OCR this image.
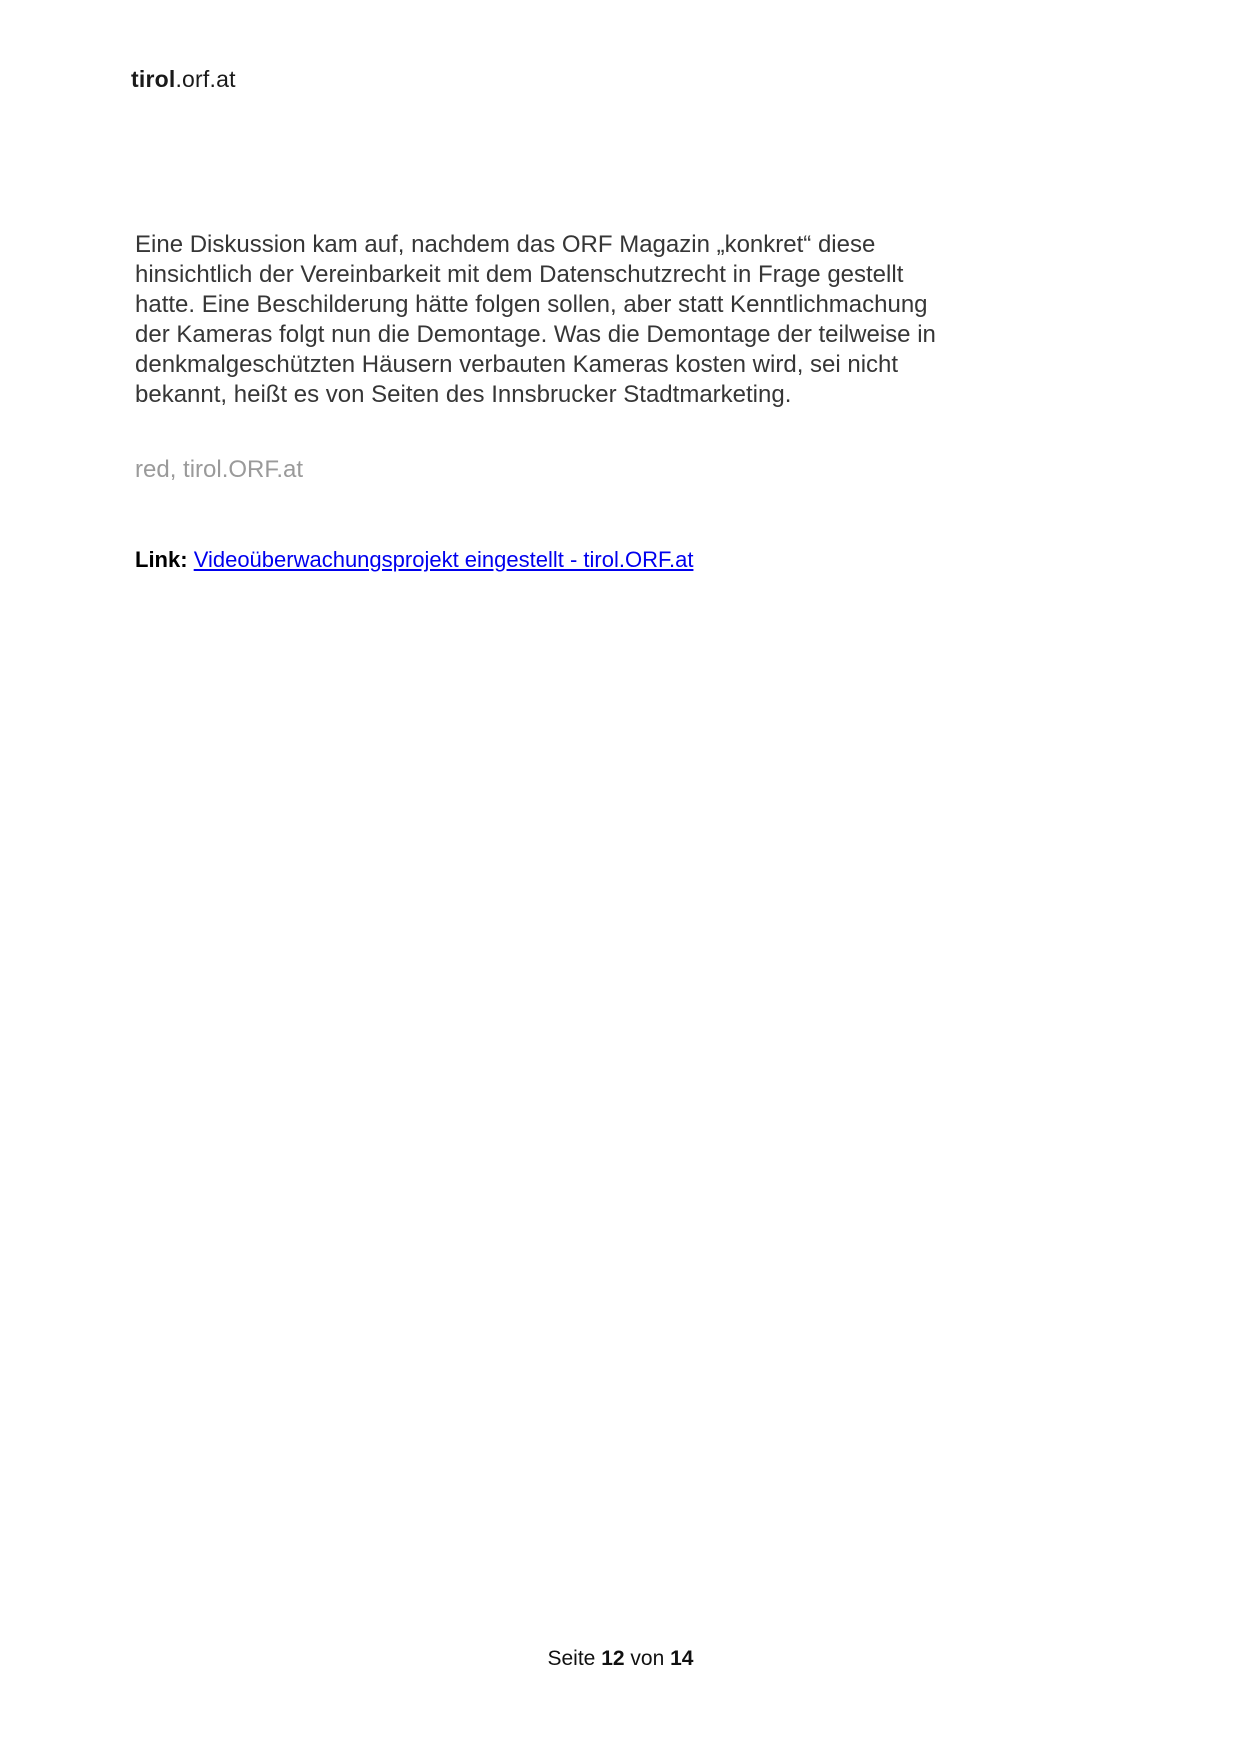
tirol.orf.at
Eine Diskussion kam auf, nachdem das ORF Magazin „konkret“ diese
hinsichtlich der Vereinbarkeit mit dem Datenschutzrecht in Frage gestellt
hatte. Eine Beschilderung hätte folgen sollen, aber statt Kenntlichmachung
der Kameras folgt nun die Demontage. Was die Demontage der teilweise in
denkmalgeschützten Häusern verbauten Kameras kosten wird, sei nicht
bekannt, heißt es von Seiten des Innsbrucker Stadtmarketing.
red, tirol.ORF.at
Link: Videoüberwachungsprojekt eingestellt - tirol.ORF.at
Seite 12 von 14
